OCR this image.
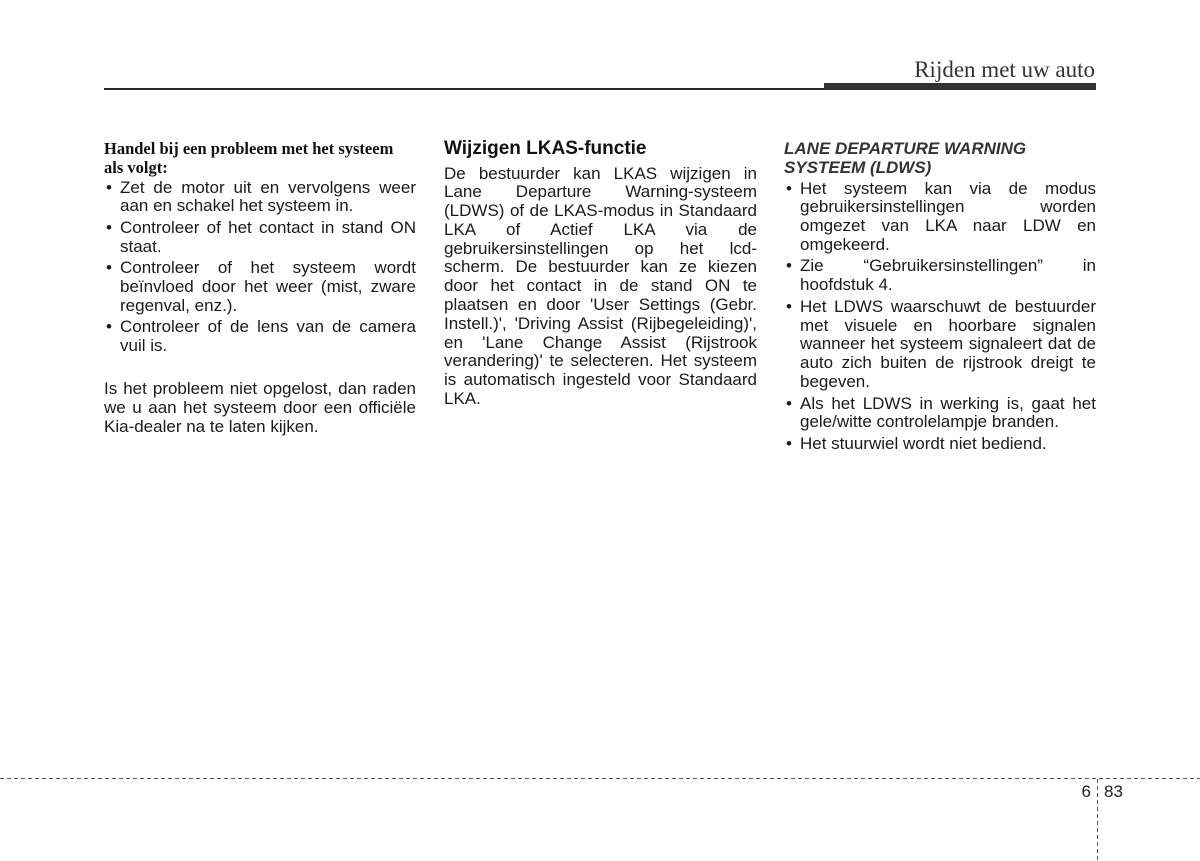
Rijden met uw auto
Handel bij een probleem met het systeem
als volgt:
• Zet de motor uit en vervolgens weer
aan en schakel het systeem in.
• Controleer of het contact in stand ON
staat.
• Controleer of het systeem wordt
beïnvloed door het weer (mist, zware
regenval, enz.).
• Controleer of de lens van de camera
vuil is.
Is het probleem niet opgelost, dan raden
we u aan het systeem door een officiële
Kia-dealer na te laten kijken.
Wijzigen LKAS-functie
De bestuurder kan LKAS wijzigen in
Lane Departure Warning-systeem
(LDWS) of de LKAS-modus in Standaard
LKA of Actief LKA via de
gebruikersinstellingen op het lcd-
scherm. De bestuurder kan ze kiezen
door het contact in de stand ON te
plaatsen en door 'User Settings (Gebr.
Instell.)', 'Driving Assist (Rijbegeleiding)',
en 'Lane Change Assist (Rijstrook
verandering)' te selecteren. Het systeem
is automatisch ingesteld voor Standaard
LKA.
LANE DEPARTURE WARNING
SYSTEEM (LDWS)
• Het systeem kan via de modus
gebruikersinstellingen worden
omgezet van LKA naar LDW en
omgekeerd.
• Zie “Gebruikersinstellingen” in
hoofdstuk 4.
• Het LDWS waarschuwt de bestuurder
met visuele en hoorbare signalen
wanneer het systeem signaleert dat de
auto zich buiten de rijstrook dreigt te
begeven.
• Als het LDWS in werking is, gaat het
gele/witte controlelampje branden.
• Het stuurwiel wordt niet bediend.
6 83
